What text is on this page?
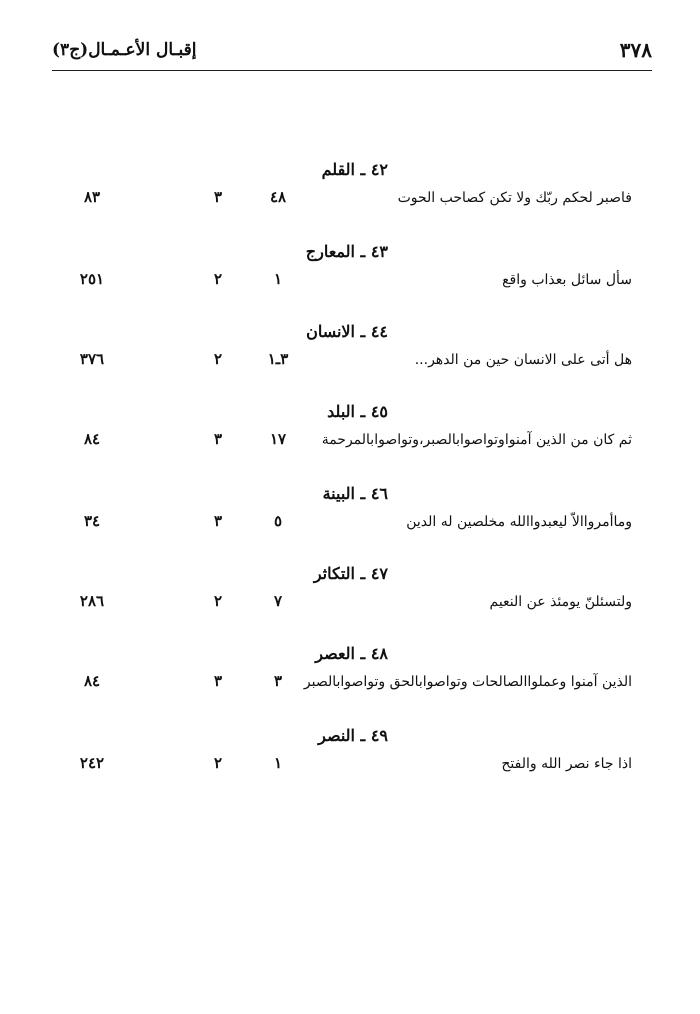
٣٧٨
إقبـال الأعـمـال(ج٣)
٤٢ ـ القلم
فاصبر لحكم ربّك ولا تكن كصاحب الحوت
٤٨
٣
٨٣
٤٣ ـ المعارج
سأل سائل بعذاب واقع
١
٢
٢٥١
٤٤ ـ الانسان
هل أتى على الانسان حين من الدهر...
٣ـ١
٢
٣٧٦
٤٥ ـ البلد
ثم كان من الذين آمنواوتواصوابالصبر،وتواصوابالمرحمة
١٧
٣
٨٤
٤٦ ـ البينة
وماأمرواالاّ ليعبدواالله مخلصين له الدين
٥
٣
٣٤
٤٧ ـ التكاثر
ولتسئلنّ يومئذ عن النعيم
٧
٢
٢٨٦
٤٨ ـ العصر
الذين آمنوا وعملواالصالحات وتواصوابالحق وتواصوابالصبر
٣
٣
٨٤
٤٩ ـ النصر
اذا جاء نصر الله والفتح
١
٢
٢٤٢
